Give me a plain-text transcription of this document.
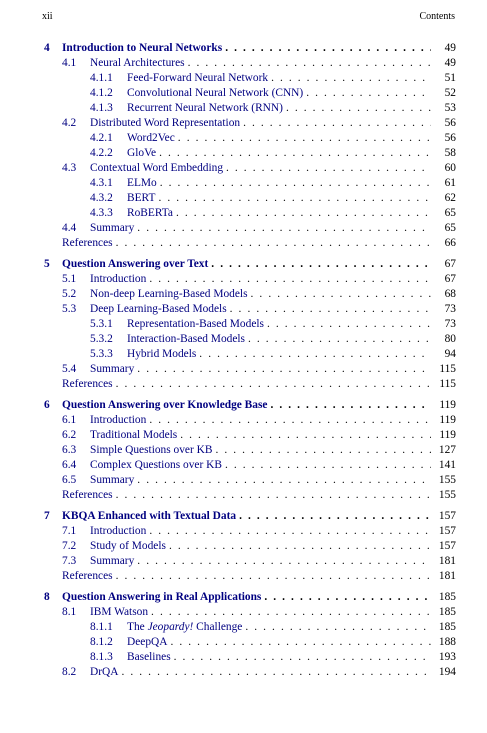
xii	Contents
4 Introduction to Neural Networks . . .	49
4.1 Neural Architectures . . .	49
4.1.1 Feed-Forward Neural Network . . .	51
4.1.2 Convolutional Neural Network (CNN) . . .	52
4.1.3 Recurrent Neural Network (RNN) . . .	53
4.2 Distributed Word Representation . . .	56
4.2.1 Word2Vec . . .	56
4.2.2 GloVe . . .	58
4.3 Contextual Word Embedding . . .	60
4.3.1 ELMo . . .	61
4.3.2 BERT . . .	62
4.3.3 RoBERTa . . .	65
4.4 Summary . . .	65
References . . .	66
5 Question Answering over Text . . .	67
5.1 Introduction . . .	67
5.2 Non-deep Learning-Based Models . . .	68
5.3 Deep Learning-Based Models . . .	73
5.3.1 Representation-Based Models . . .	73
5.3.2 Interaction-Based Models . . .	80
5.3.3 Hybrid Models . . .	94
5.4 Summary . . .	115
References . . .	115
6 Question Answering over Knowledge Base . . .	119
6.1 Introduction . . .	119
6.2 Traditional Models . . .	119
6.3 Simple Questions over KB . . .	127
6.4 Complex Questions over KB . . .	141
6.5 Summary . . .	155
References . . .	155
7 KBQA Enhanced with Textual Data . . .	157
7.1 Introduction . . .	157
7.2 Study of Models . . .	157
7.3 Summary . . .	181
References . . .	181
8 Question Answering in Real Applications . . .	185
8.1 IBM Watson . . .	185
8.1.1 The Jeopardy! Challenge . . .	185
8.1.2 DeepQA . . .	188
8.1.3 Baselines . . .	193
8.2 DrQA . . .	194
